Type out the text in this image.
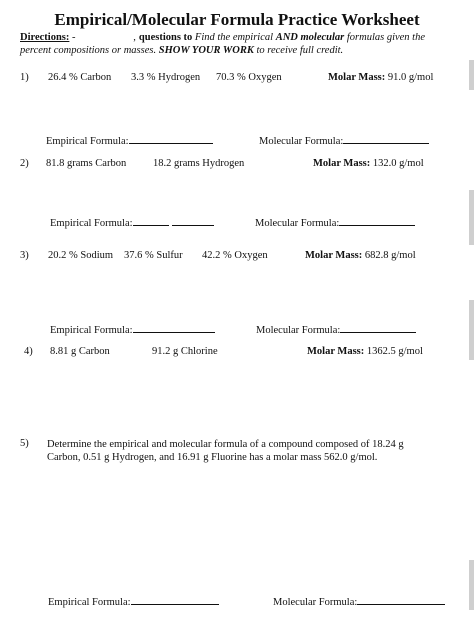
Empirical/Molecular Formula Practice Worksheet
Directions: -	‚ questions to Find the empirical AND molecular formulas given the
percent compositions or masses. SHOW YOUR WORK to receive full credit.
1) 26.4 % Carbon 3.3 % Hydrogen 70.3 % Oxygen	Molar Mass: 91.0 g/mol
Empirical Formula:	Molecular Formula:
2) 81.8 grams Carbon	18.2 grams Hydrogen	Molar Mass: 132.0 g/mol
Empirical Formula:	Molecular Formula:
3) 20.2 % Sodium 37.6 % Sulfur 42.2 % Oxygen	Molar Mass: 682.8 g/mol
Empirical Formula:	Molecular Formula:
4) 8.81 g Carbon	91.2 g Chlorine	Molar Mass: 1362.5 g/mol
5) Determine the empirical and molecular formula of a compound composed of 18.24 g Carbon, 0.51 g Hydrogen, and 16.91 g Fluorine has a molar mass 562.0 g/mol.
Empirical Formula:	Molecular Formula:
